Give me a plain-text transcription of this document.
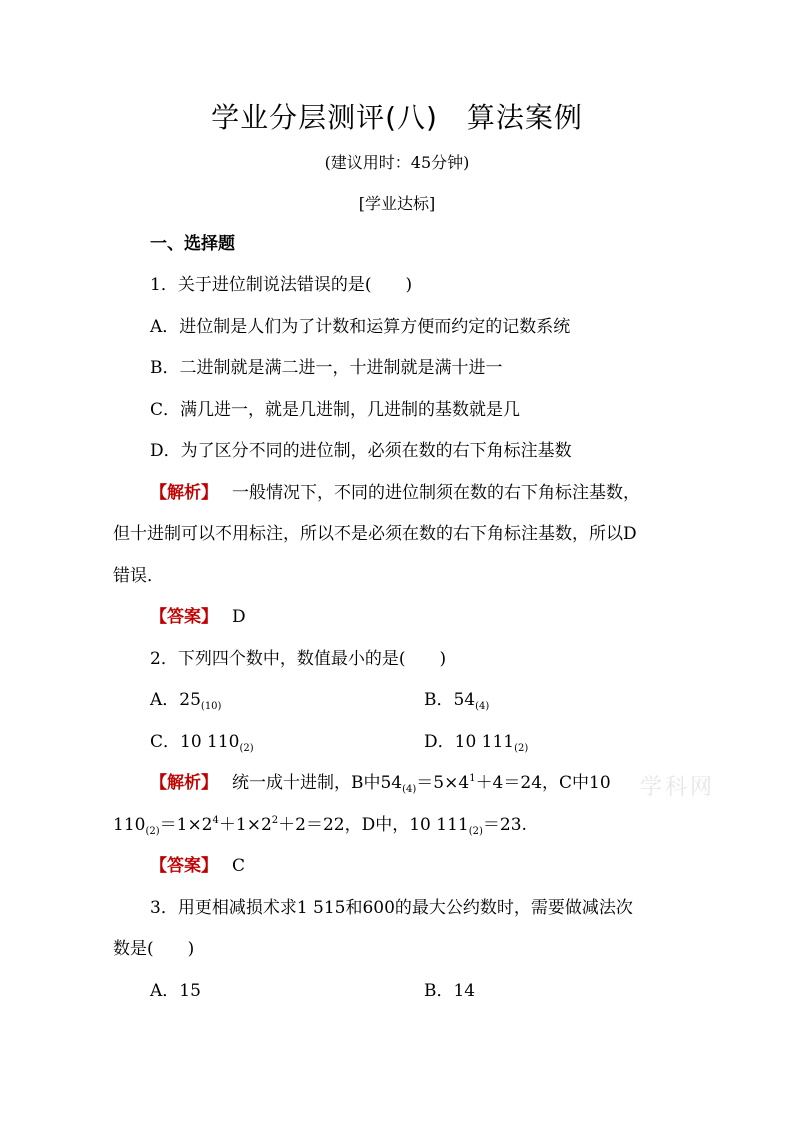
学业分层测评(八)　算法案例
(建议用时：45分钟)
[学业达标]
一、选择题
1．关于进位制说法错误的是(　　)
A．进位制是人们为了计数和运算方便而约定的记数系统
B．二进制就是满二进一，十进制就是满十进一
C．满几进一，就是几进制，几进制的基数就是几
D．为了区分不同的进位制，必须在数的右下角标注基数
【解析】 一般情况下，不同的进位制须在数的右下角标注基数，
但十进制可以不用标注，所以不是必须在数的右下角标注基数，所以D
错误．
【答案】 D
2．下列四个数中，数值最小的是(　　)
A．$25_{(10)}$	B．$54_{(4)}$
C．10 $110_{(2)}$	D．10 $111_{(2)}$
【解析】 统一成十进制，B中$54_{(4)}=5\times 4^1+4=24$，C中10
$110_{(2)}=1\times 2^4+1\times 2^2+2=22$，D中，10 $111_{(2)}=23$.
【答案】 C
3．用更相减损术求1 515和600的最大公约数时，需要做减法次
数是(　　)
A．15	B．14
学科网
